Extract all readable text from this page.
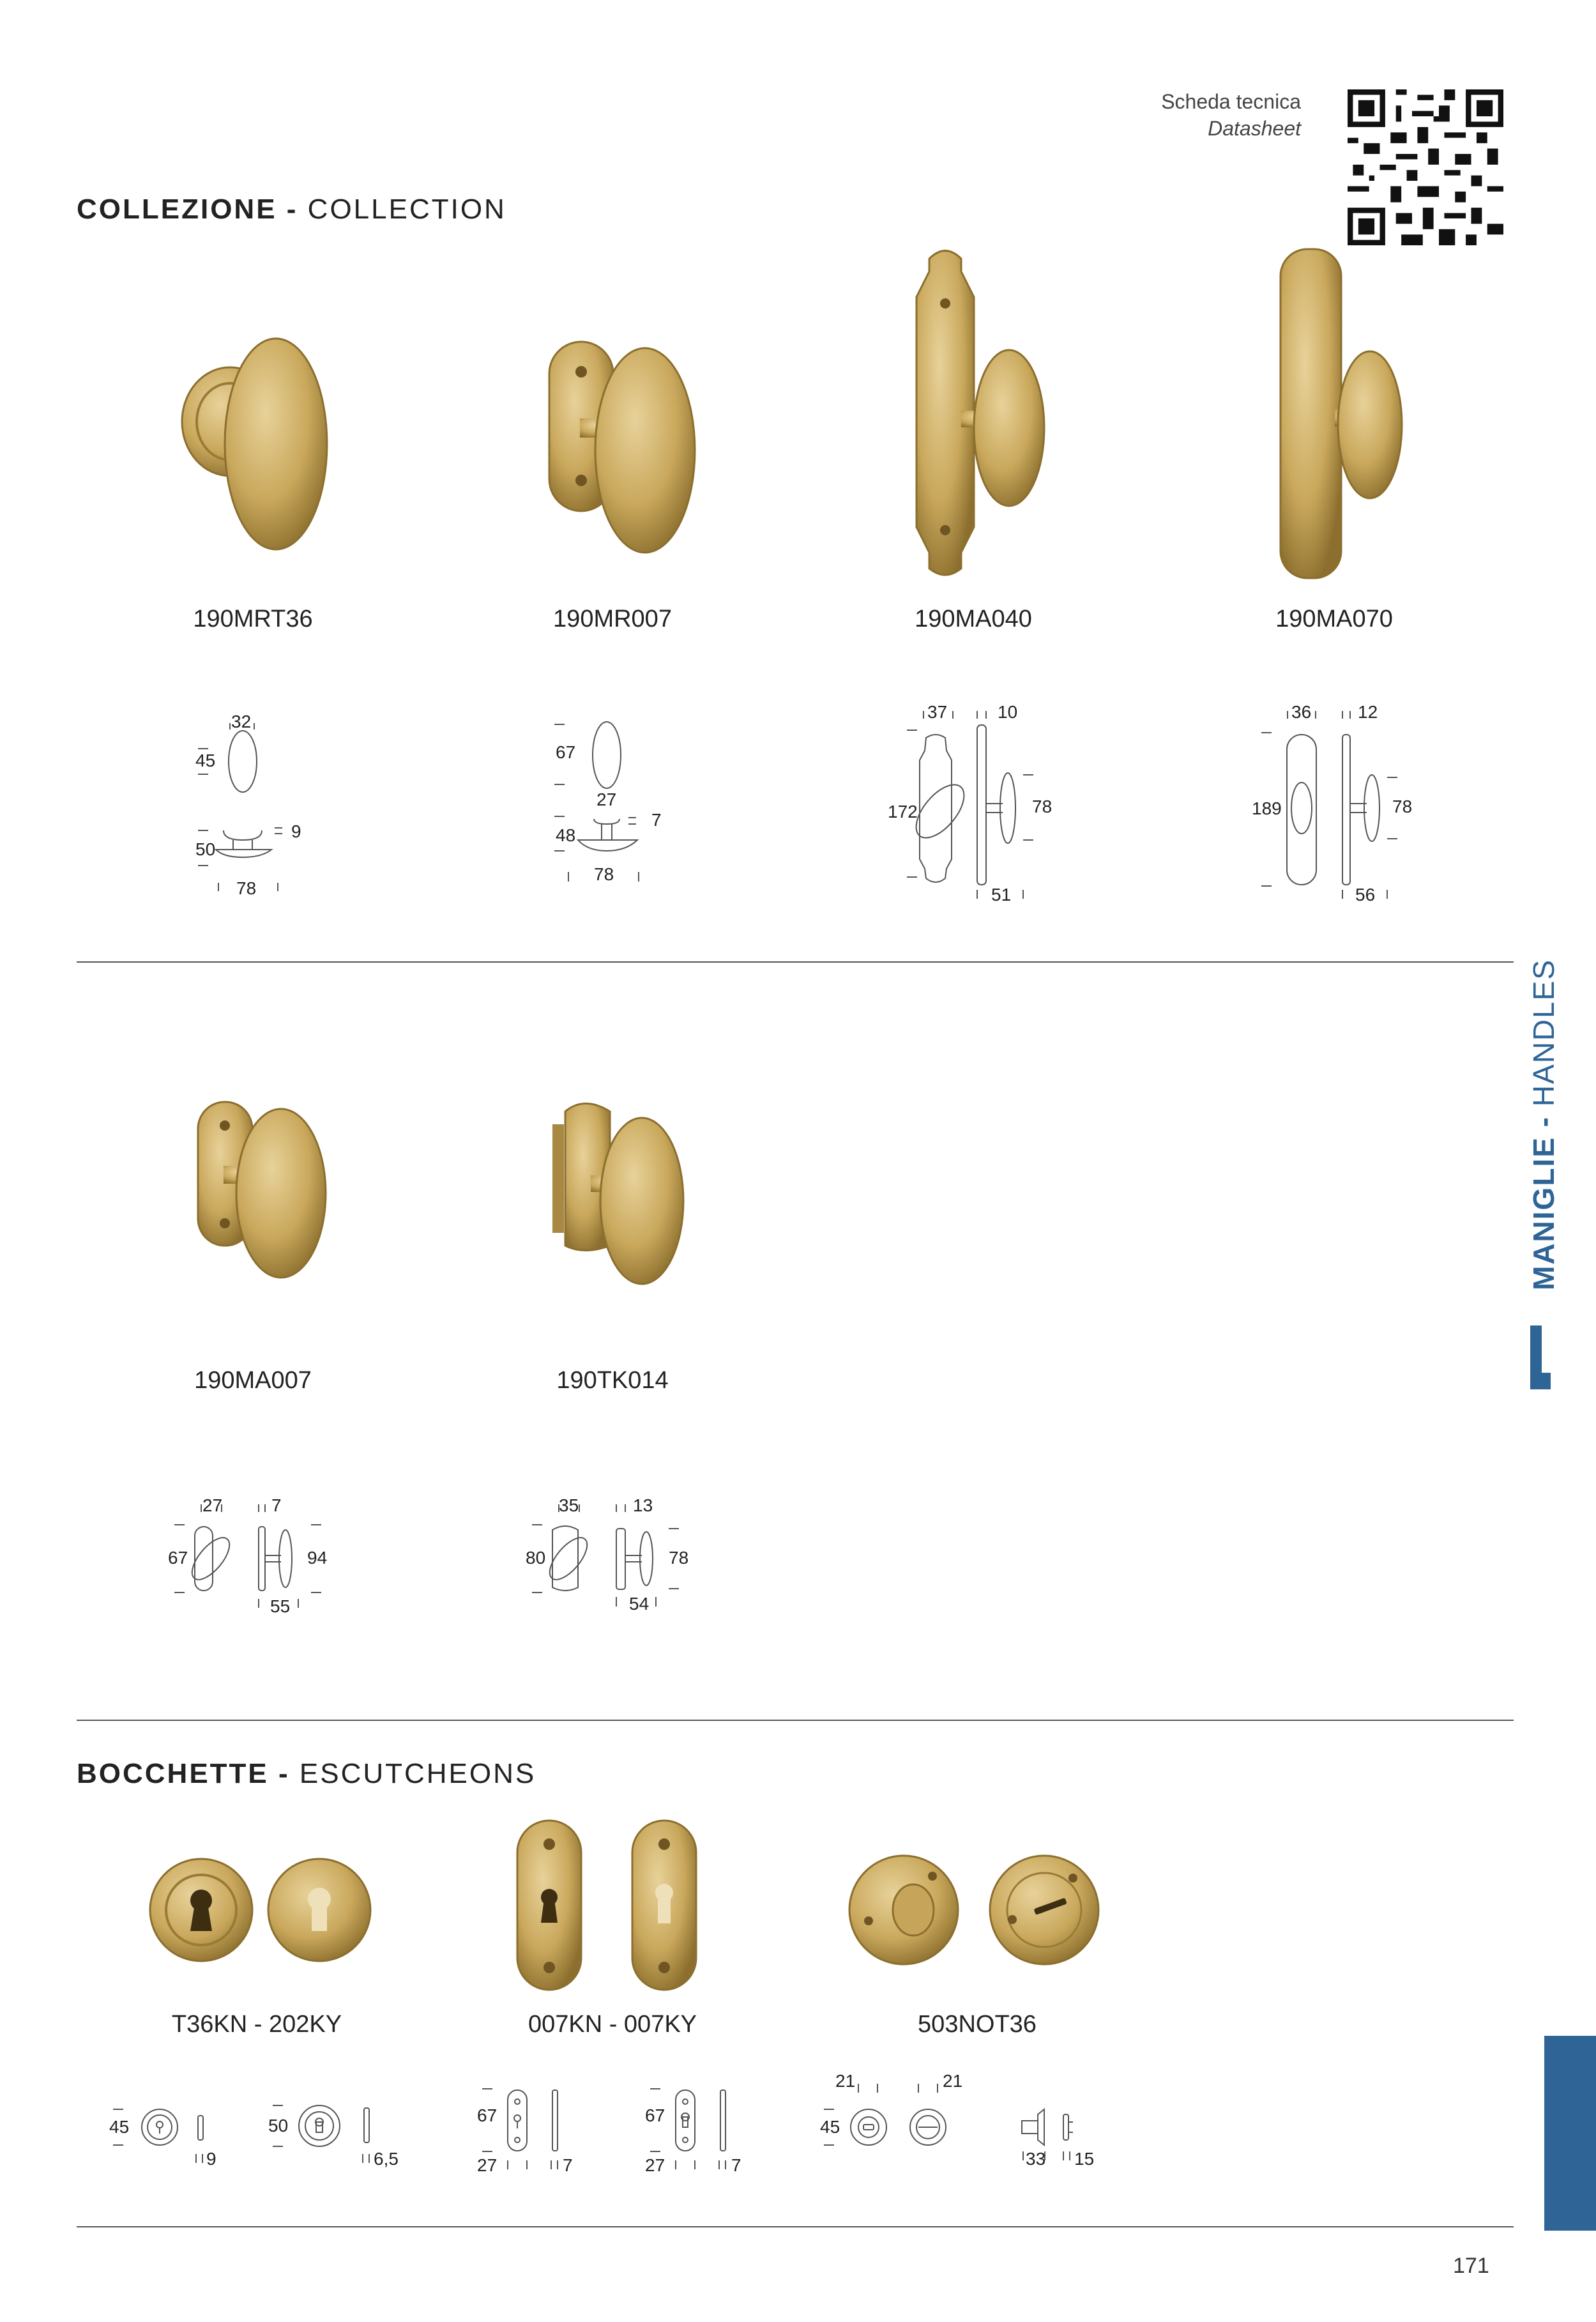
Scheda tecnica
Datasheet
COLLEZIONE - COLLECTION
190MRT36	190MR007	190MA040	190MA070
32
45
9
50
78
67
27
7
48
78
37	10
172	78
51
36	12
189	78
56
190MA007	190TK014
27	7
67	94
55
35	13
80	78
54
BOCCHETTE - ESCUTCHEONS
T36KN - 202KY	007KN - 007KY	503NOT36
45
9
50
6,5
67
27	7
67
27	7
21	21
45
33 15
MANIGLIE - HANDLES
171
